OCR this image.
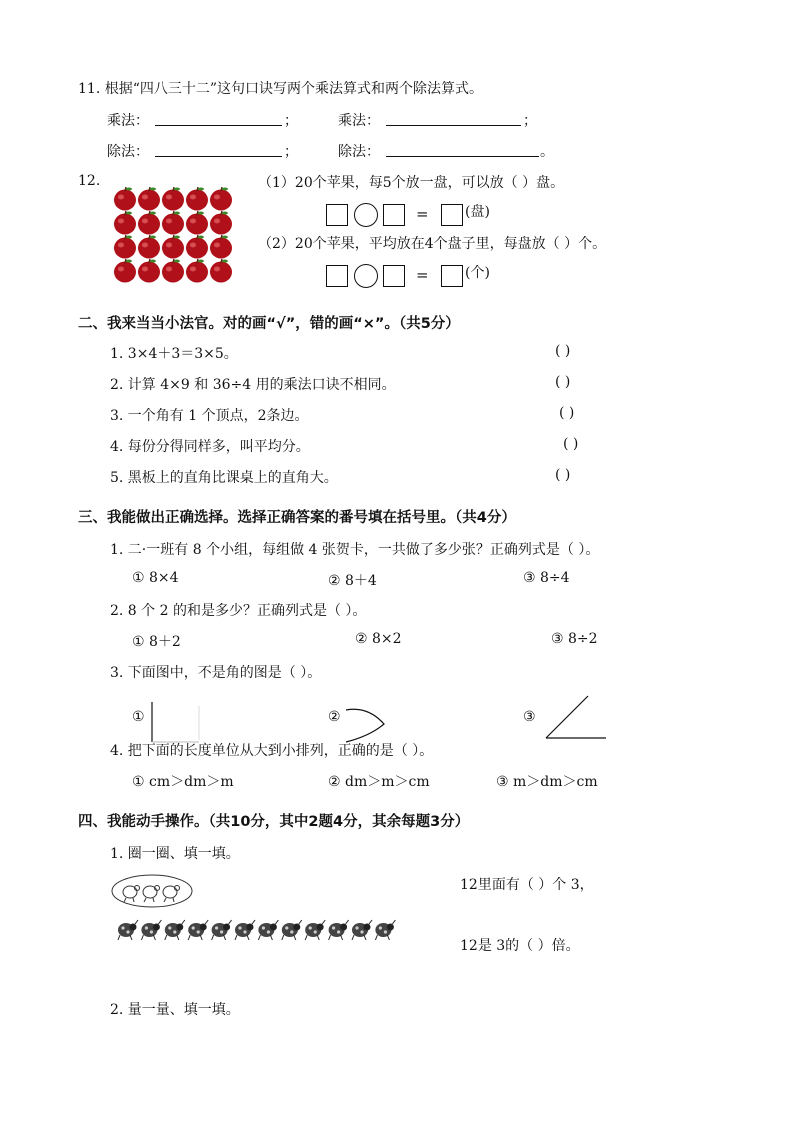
11. 根据“四八三十二”这句口诀写两个乘法算式和两个除法算式。
乘法：	；	乘法：	；
除法：	；	除法：	。
12.	（1）20个苹果，每5个放一盘，可以放（ ）盘。
=	(盘)
（2）20个苹果，平均放在4个盘子里，每盘放（ ）个。
=	(个)
二、我来当当小法官。对的画“√”，错的画“×”。（共5分）
1. 3×4＋3＝3×5。	( )
2. 计算 4×9 和 36÷4 用的乘法口诀不相同。	( )
3. 一个角有 1 个顶点，2条边。	( )
4. 每份分得同样多，叫平均分。	( )
5. 黑板上的直角比课桌上的直角大。	( )
三、我能做出正确选择。选择正确答案的番号填在括号里。（共4分）
1. 二·一班有 8 个小组，每组做 4 张贺卡，一共做了多少张？正确列式是（ ）。
① 8×4	② 8＋4	③ 8÷4
2. 8 个 2 的和是多少？正确列式是（ ）。
① 8＋2	② 8×2	③ 8÷2
3. 下面图中，不是角的图是（ ）。
①	②	③
4. 把下面的长度单位从大到小排列，正确的是（ ）。
① cm＞dm＞m	② dm＞m＞cm	③ m＞dm＞cm
四、我能动手操作。（共10分，其中2题4分，其余每题3分）
1. 圈一圈、填一填。
12里面有（ ）个 3，
12是 3的（ ）倍。
2. 量一量、填一填。
